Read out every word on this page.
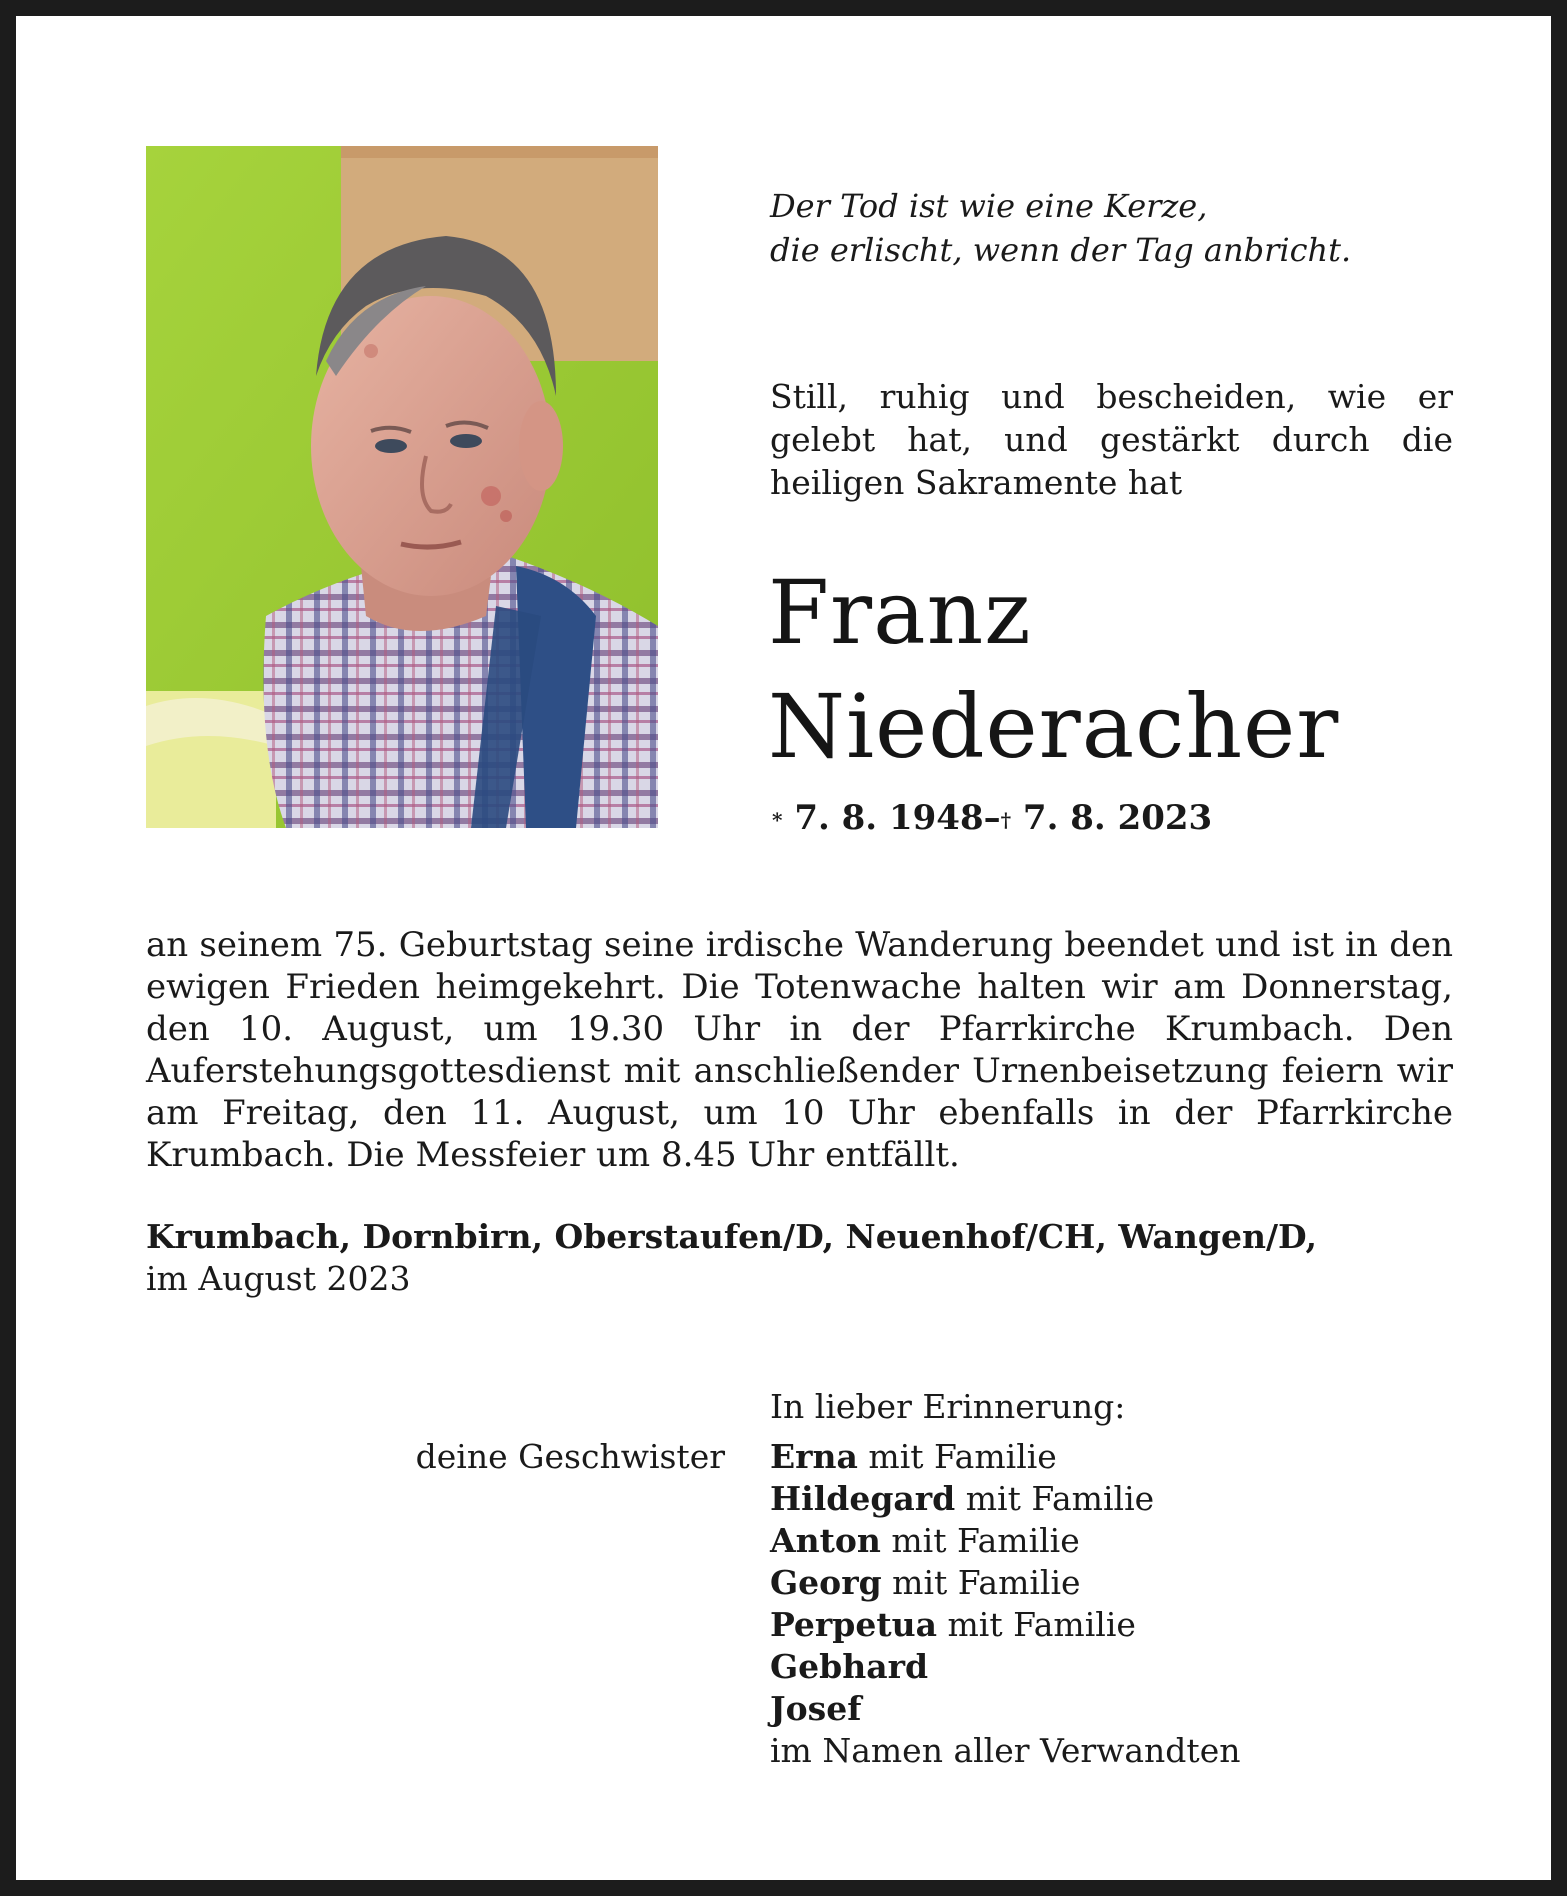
Der Tod ist wie eine Kerze,
die erlischt, wenn der Tag anbricht.
Still, ruhig und bescheiden, wie er gelebt hat, und gestärkt durch die heiligen Sakramente hat
Franz
Niederacher
* 7. 8. 1948–† 7. 8. 2023
an seinem 75. Geburtstag seine irdische Wanderung beendet und ist in den ewigen Frieden heimgekehrt. Die Totenwache halten wir am Donnerstag, den 10. August, um 19.30 Uhr in der Pfarrkirche Krumbach. Den Auferstehungsgottesdienst mit anschließender Urnenbeisetzung feiern wir am Freitag, den 11. August, um 10 Uhr ebenfalls in der Pfarrkirche Krumbach. Die Messfeier um 8.45 Uhr entfällt.
Krumbach, Dornbirn, Oberstaufen/D, Neuenhof/CH, Wangen/D,
im August 2023
In lieber Erinnerung:
deine Geschwister Erna mit Familie
Hildegard mit Familie
Anton mit Familie
Georg mit Familie
Perpetua mit Familie
Gebhard
Josef
im Namen aller Verwandten
